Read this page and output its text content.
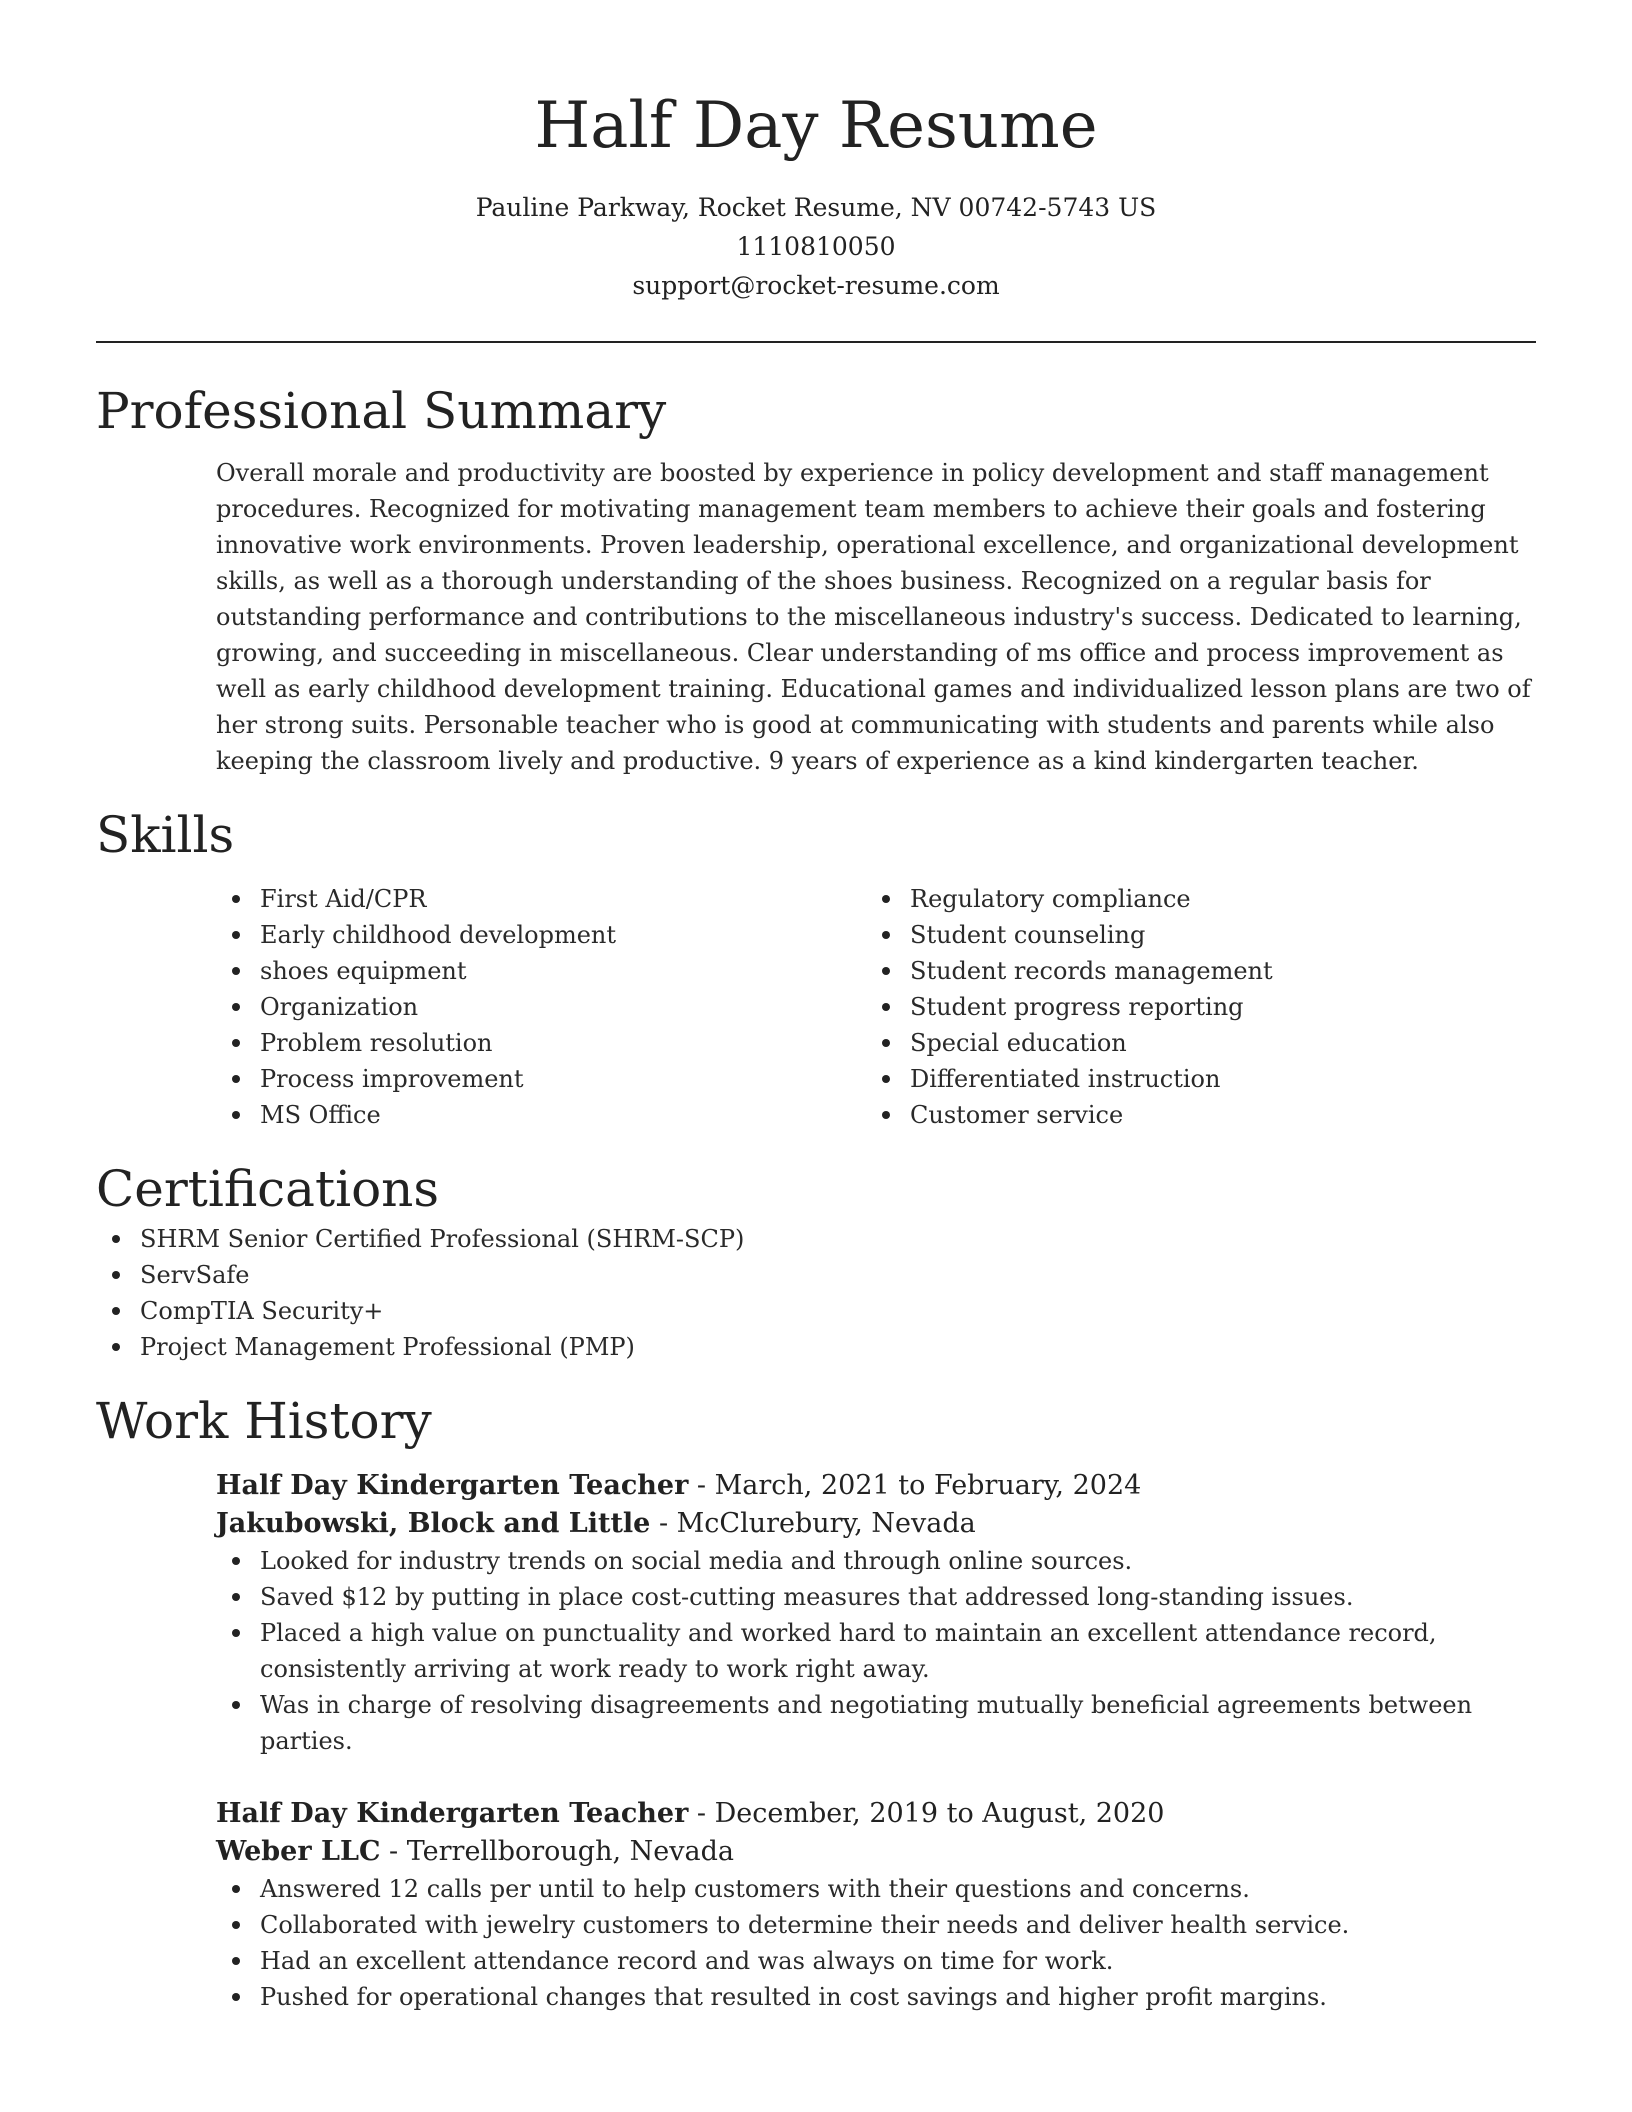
Half Day Resume
Pauline Parkway, Rocket Resume, NV 00742-5743 US
1110810050
support@rocket-resume.com
Professional Summary

Overall morale and productivity are boosted by experience in policy development and staff management procedures. Recognized for motivating management team members to achieve their goals and fostering innovative work environments. Proven leadership, operational excellence, and organizational development skills, as well as a thorough understanding of the shoes business. Recognized on a regular basis for outstanding performance and contributions to the miscellaneous industry's success. Dedicated to learning, growing, and succeeding in miscellaneous. Clear understanding of ms office and process improvement as well as early childhood development training. Educational games and individualized lesson plans are two of her strong suits. Personable teacher who is good at communicating with students and parents while also keeping the classroom lively and productive. 9 years of experience as a kind kindergarten teacher.

Skills
First Aid/CPR
Early childhood development
shoes equipment
Organization
Problem resolution
Process improvement
MS Office
Regulatory compliance
Student counseling
Student records management
Student progress reporting
Special education
Differentiated instruction
Customer service
Certifications
SHRM Senior Certified Professional (SHRM-SCP)
ServSafe
CompTIA Security+
Project Management Professional (PMP)
Work History
Half Day Kindergarten Teacher - March, 2021 to February, 2024
Jakubowski, Block and Little - McClurebury, Nevada
Looked for industry trends on social media and through online sources.
Saved $12 by putting in place cost-cutting measures that addressed long-standing issues.
Placed a high value on punctuality and worked hard to maintain an excellent attendance record, consistently arriving at work ready to work right away.
Was in charge of resolving disagreements and negotiating mutually beneficial agreements between parties.
Half Day Kindergarten Teacher - December, 2019 to August, 2020
Weber LLC - Terrellborough, Nevada
Answered 12 calls per until to help customers with their questions and concerns.
Collaborated with jewelry customers to determine their needs and deliver health service.
Had an excellent attendance record and was always on time for work.
Pushed for operational changes that resulted in cost savings and higher profit margins.
